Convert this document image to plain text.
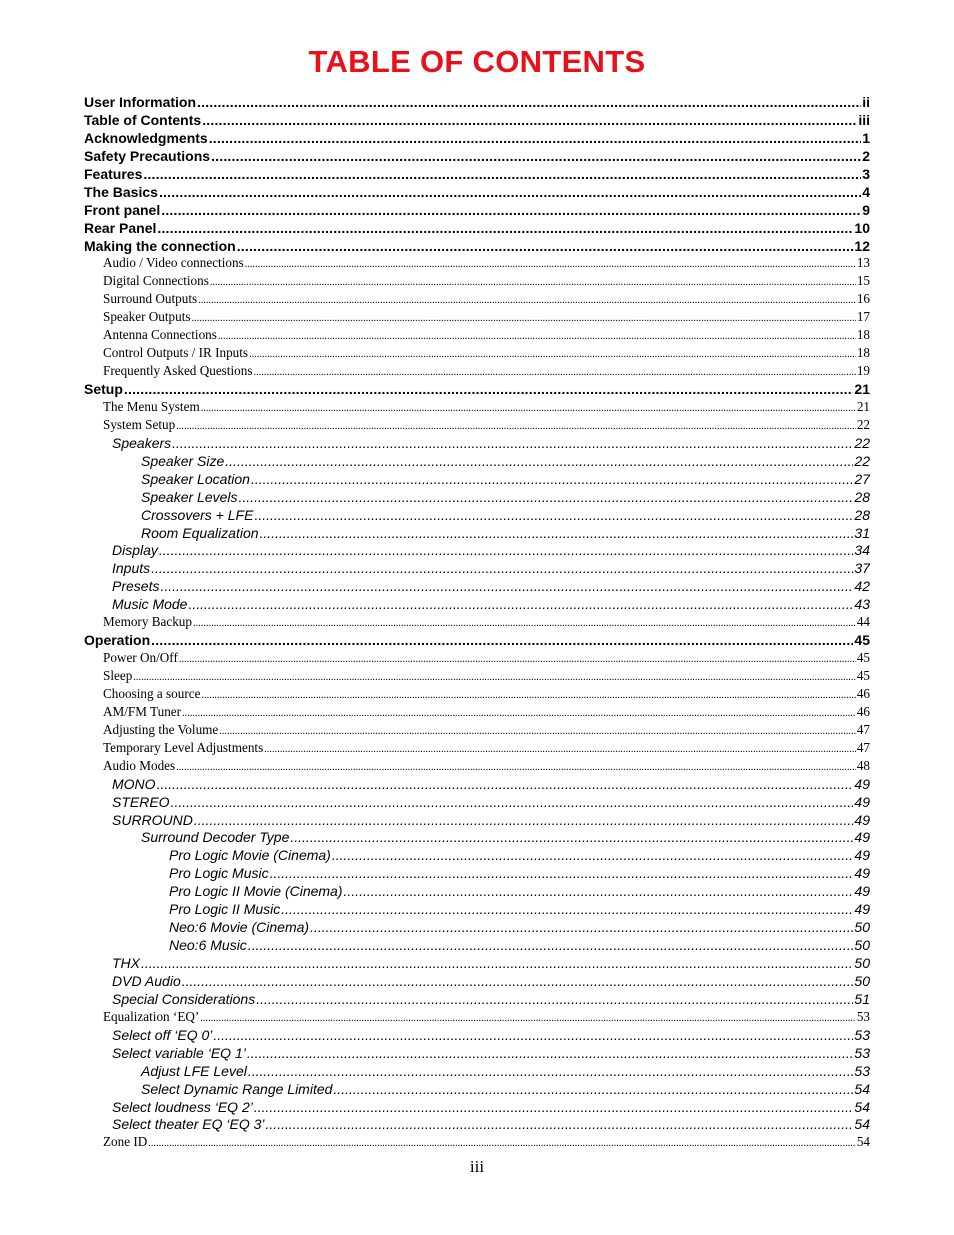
TABLE OF CONTENTS
User Information .....	ii
Table of Contents .....	iii
Acknowledgments .....	1
Safety Precautions .....	2
Features .....	3
The Basics .....	4
Front panel .....	9
Rear Panel .....	10
Making the connection .....	12
Audio / Video connections .....	13
Digital Connections .....	15
Surround Outputs .....	16
Speaker Outputs .....	17
Antenna Connections .....	18
Control Outputs / IR Inputs .....	18
Frequently Asked Questions .....	19
Setup .....	21
The Menu System .....	21
System Setup .....	22
Speakers .....	22
Speaker Size .....	22
Speaker Location .....	27
Speaker Levels .....	28
Crossovers + LFE .....	28
Room Equalization .....	31
Display .....	34
Inputs .....	37
Presets .....	42
Music Mode .....	43
Memory Backup .....	44
Operation .....	45
Power On/Off .....	45
Sleep .....	45
Choosing a source .....	46
AM/FM Tuner .....	46
Adjusting the Volume .....	47
Temporary Level Adjustments .....	47
Audio Modes .....	48
MONO .....	49
STEREO .....	49
SURROUND .....	49
Surround Decoder Type .....	49
Pro Logic Movie (Cinema) .....	49
Pro Logic Music .....	49
Pro Logic II Movie (Cinema) .....	49
Pro Logic II Music .....	49
Neo:6 Movie (Cinema) .....	50
Neo:6 Music .....	50
THX .....	50
DVD Audio .....	50
Special Considerations .....	51
Equalization ‘EQ’ .....	53
Select off ‘EQ 0’ .....	53
Select variable ‘EQ 1’ .....	53
Adjust LFE Level .....	53
Select Dynamic Range Limited .....	54
Select loudness ‘EQ 2’ .....	54
Select theater EQ ‘EQ 3’ .....	54
Zone ID .....	54
iii
